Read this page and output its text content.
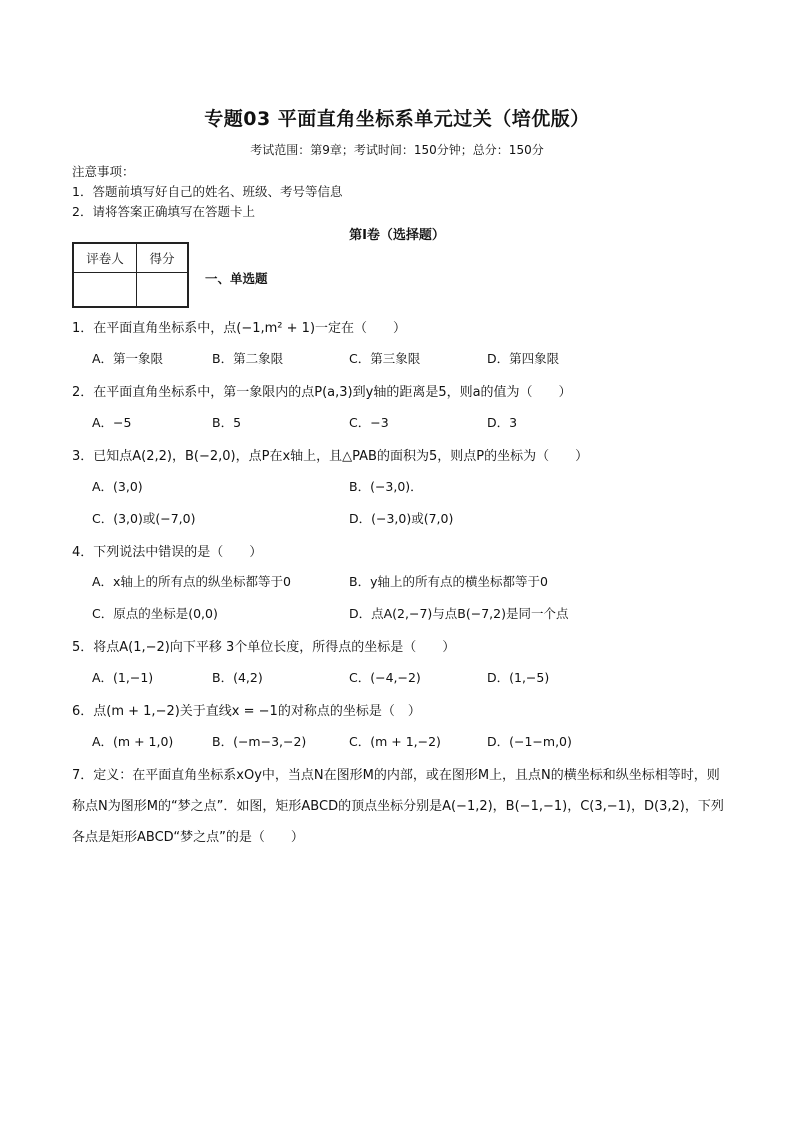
专题03 平面直角坐标系单元过关（培优版）
考试范围：第9章；考试时间：150分钟；总分：150分
注意事项：
1．答题前填写好自己的姓名、班级、考号等信息
2．请将答案正确填写在答题卡上
第Ⅰ卷（选择题）
评卷人	得分

一、单选题
1．在平面直角坐标系中，点(−1,m² + 1)一定在（　　）
A．第一象限	B．第二象限	C．第三象限	D．第四象限
2．在平面直角坐标系中，第一象限内的点P(a,3)到y轴的距离是5，则a的值为（　　）
A．−5	B．5	C．−3	D．3
3．已知点A(2,2)，B(−2,0)，点P在x轴上，且△PAB的面积为5，则点P的坐标为（　　）
A．(3,0)	B．(−3,0)．
C．(3,0)或(−7,0)	D．(−3,0)或(7,0)
4．下列说法中错误的是（　　）
A．x轴上的所有点的纵坐标都等于0	B．y轴上的所有点的横坐标都等于0
C．原点的坐标是(0,0)	D．点A(2,−7)与点B(−7,2)是同一个点
5．将点A(1,−2)向下平移 3个单位长度，所得点的坐标是（　　）
A．(1,−1)	B．(4,2)	C．(−4,−2)	D．(1,−5)
6．点(m + 1,−2)关于直线x = −1的对称点的坐标是（　）
A．(m + 1,0)	B．(−m−3,−2)	C．(m + 1,−2)	D．(−1−m,0)
7．定义：在平面直角坐标系xOy中，当点N在图形M的内部，或在图形M上，且点N的横坐标和纵坐标相等时，则称点N为图形M的“梦之点”．如图，矩形ABCD的顶点坐标分别是A(−1,2)，B(−1,−1)，C(3,−1)，D(3,2)，下列各点是矩形ABCD“梦之点”的是（　　）
